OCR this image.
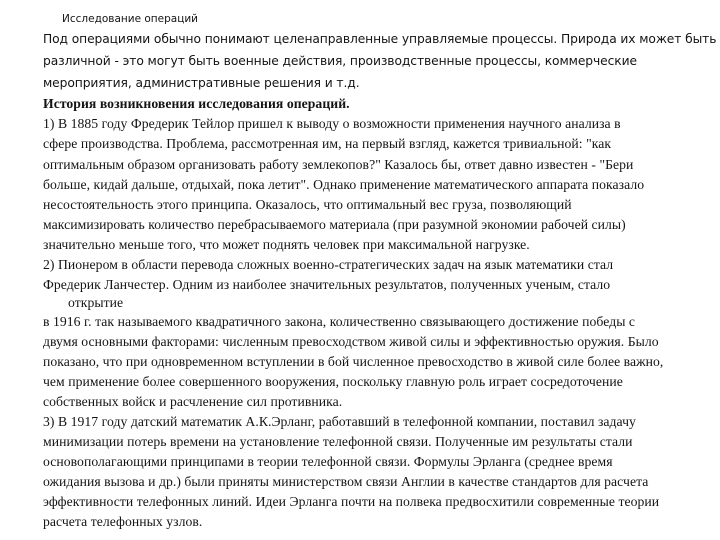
Исследование операций
Под операциями обычно понимают целенаправленные управляемые процессы. Природа их может быть
различной - это могут быть военные действия, производственные процессы, коммерческие
мероприятия, административные решения и т.д.
История возникновения исследования операций.
1) В 1885 году Фредерик Тейлор пришел к выводу о возможности применения научного анализа в
сфере производства. Проблема, рассмотренная им, на первый взгляд, кажется тривиальной: "как
оптимальным образом организовать работу землекопов?" Казалось бы, ответ давно известен - "Бери
больше, кидай дальше, отдыхай, пока летит". Однако применение математического аппарата показало
несостоятельность этого принципа. Оказалось, что оптимальный вес груза, позволяющий
максимизировать количество перебрасываемого материала (при разумной экономии рабочей силы)
значительно меньше того, что может поднять человек при максимальной нагрузке.
2) Пионером в области перевода сложных военно-стратегических задач на язык математики стал
Фредерик Ланчестер. Одним из наиболее значительных результатов, полученных ученым, стало
открытие
в 1916 г. так называемого квадратичного закона, количественно связывающего достижение победы с
двумя основными факторами: численным превосходством живой силы и эффективностью оружия. Было
показано, что при одновременном вступлении в бой численное превосходство в живой силе более важно,
чем применение более совершенного вооружения, поскольку главную роль играет сосредоточение
собственных войск и расчленение сил противника.
3) В 1917 году датский математик А.К.Эрланг, работавший в телефонной компании, поставил задачу
минимизации потерь времени на установление телефонной связи. Полученные им результаты стали
основополагающими принципами в теории телефонной связи. Формулы Эрланга (среднее время
ожидания вызова и др.) были приняты министерством связи Англии в качестве стандартов для расчета
эффективности телефонных линий. Идеи Эрланга почти на полвека предвосхитили современные теории
расчета телефонных узлов.
